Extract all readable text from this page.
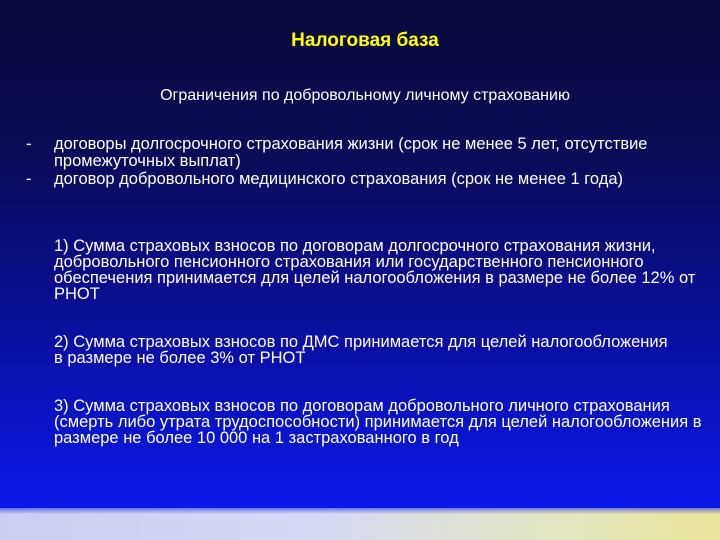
Налоговая база
Ограничения по добровольному личному страхованию
- договоры долгосрочного страхования жизни (срок не менее 5 лет, отсутствие промежуточных выплат)
- договор добровольного медицинского страхования (срок не менее 1 года)

1) Сумма страховых взносов по договорам долгосрочного страхования жизни, добровольного пенсионного страхования или государственного пенсионного обеспечения принимается для целей налогообложения в размере не более 12% от РНОТ

2) Сумма страховых взносов по ДМС принимается для целей налогообложения в размере не более 3% от РНОТ

3) Сумма страховых взносов по договорам добровольного личного страхования (смерть либо утрата трудоспособности) принимается для целей налогообложения в размере не более 10 000 на 1 застрахованного в год
